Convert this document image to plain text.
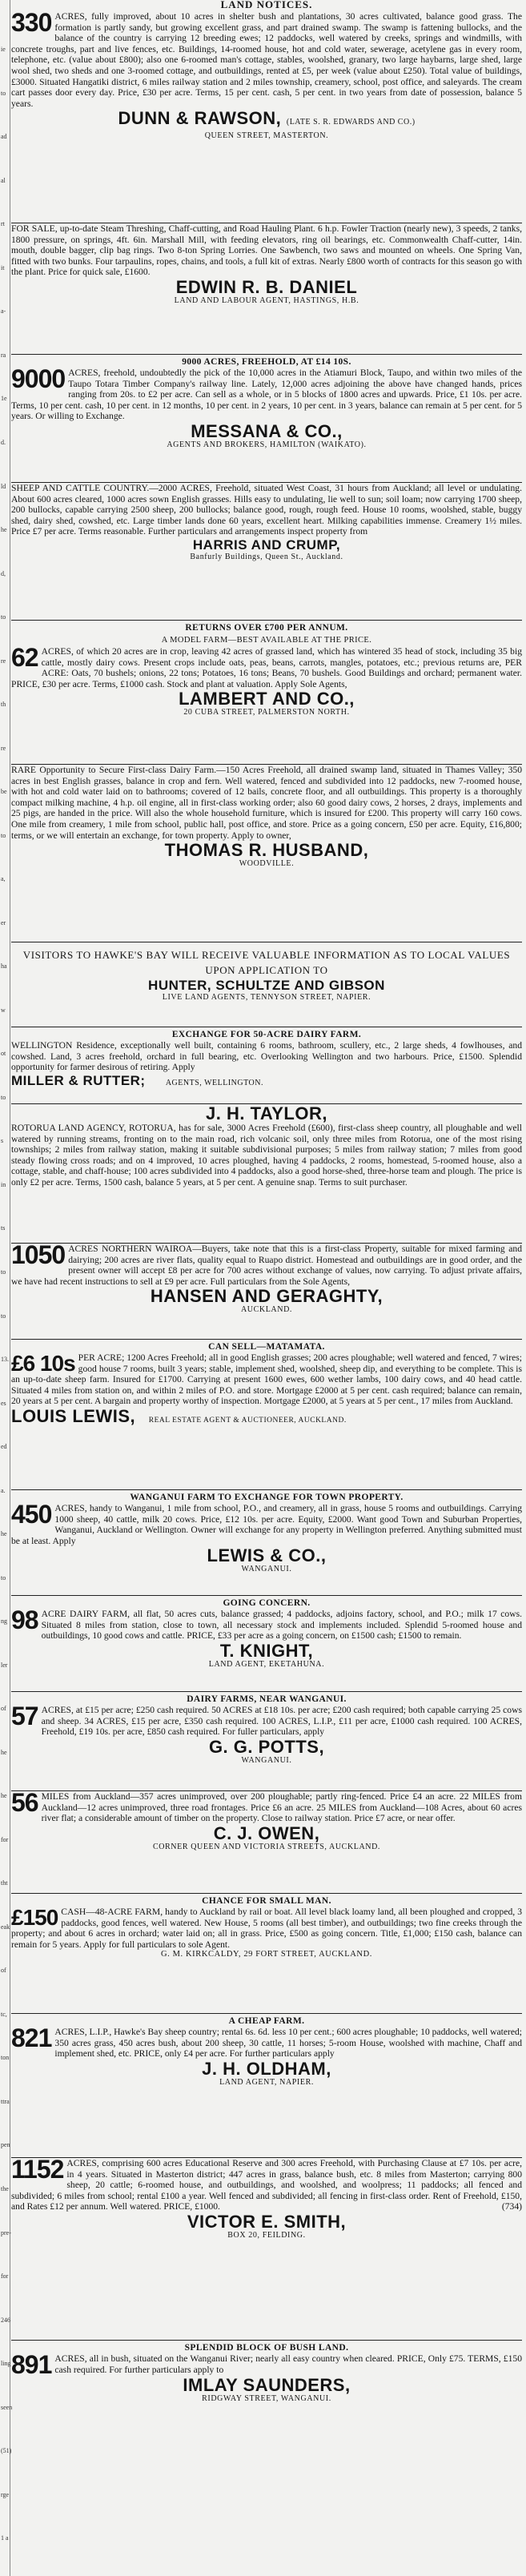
ie
to
ad
al
rt
it
a-
ra
1e
d.
ld
he
d,
to
re
th
re
be
to
a,
er
ha
w
ot
to
s
in
ts
to
to
13.
es
ed
a.
he
to
ng
ler
of
he
he
for
tht
eak
of
tc,
ton
ttra
pen
the
pre-
for
246
ling
seen
(51)
rge
1 a
LAND NOTICES.
330 ACRES, fully improved, about 10 acres in shelter bush and plantations, 30 acres cultivated, balance good grass. The formation is partly sandy, but growing excellent grass, and part drained swamp. The swamp is fattening bullocks, and the balance of the country is carrying 12 breeding ewes; 12 paddocks, well watered by creeks, springs and windmills, with concrete troughs, part and live fences, etc. Buildings, 14-roomed house, hot and cold water, sewerage, acetylene gas in every room, telephone, etc. (value about £800); also one 6-roomed man's cottage, stables, woolshed, granary, two large haybarns, large shed, large wool shed, two sheds and one 3-roomed cottage, and outbuildings, rented at £5, per week (value about £250). Total value of buildings, £3000. Situated Hangatiki district, 6 miles railway station and 2 miles township, creamery, school, post office, and saleyards. The cream cart passes door every day. Price, £30 per acre. Terms, 15 per cent. cash, 5 per cent. in two years from date of possession, balance 5 years.

DUNN & RAWSON, (LATE S. R. EDWARDS AND CO.)
QUEEN STREET, MASTERTON.

FOR SALE, up-to-date Steam Threshing, Chaff-cutting, and Road Hauling Plant. 6 h.p. Fowler Traction (nearly new), 3 speeds, 2 tanks, 1800 pressure, on springs, 4ft. 6in. Marshall Mill, with feeding elevators, ring oil bearings, etc. Commonwealth Chaff-cutter, 14in. mouth, double bagger, clip bag rings. Two 8-ton Spring Lorries. One Sawbench, two saws and mounted on wheels. One Spring Van, fitted with two bunks. Four tarpaulins, ropes, chains, and tools, a full kit of extras. Nearly £800 worth of contracts for this season go with the plant. Price for quick sale, £1600.

EDWIN R. B. DANIEL
LAND AND LABOUR AGENT, HASTINGS, H.B.
9000 ACRES, FREEHOLD, AT £14 10S.
9000 ACRES, freehold, undoubtedly the pick of the 10,000 acres in the Atiamuri Block, Taupo, and within two miles of the Taupo Totara Timber Company's railway line. Lately, 12,000 acres adjoining the above have changed hands, prices ranging from 20s. to £2 per acre. Can sell as a whole, or in 5 blocks of 1800 acres and upwards. Price, £1 10s. per acre. Terms, 10 per cent. cash, 10 per cent. in 12 months, 10 per cent. in 2 years, 10 per cent. in 3 years, balance can remain at 5 per cent. for 5 years. Or willing to Exchange.

MESSANA & CO.,
AGENTS AND BROKERS, HAMILTON (WAIKATO).

SHEEP AND CATTLE COUNTRY.—2000 ACRES, Freehold, situated West Coast, 31 hours from Auckland; all level or undulating. About 600 acres cleared, 1000 acres sown English grasses. Hills easy to undulating, lie well to sun; soil loam; now carrying 1700 sheep, 200 bullocks, capable carrying 2500 sheep, 200 bullocks; balance good, rough, rough feed. House 10 rooms, woolshed, stable, buggy shed, dairy shed, cowshed, etc. Large timber lands done 60 years, excellent heart. Milking capabilities immense. Creamery 1½ miles. Price £7 per acre. Terms reasonable. Further particulars and arrangements inspect property from

HARRIS AND CRUMP,
Banfurly Buildings, Queen St., Auckland.
RETURNS OVER £700 PER ANNUM.
A MODEL FARM—BEST AVAILABLE AT THE PRICE.
62 ACRES, of which 20 acres are in crop, leaving 42 acres of grassed land, which has wintered 35 head of stock, including 35 big cattle, mostly dairy cows. Present crops include oats, peas, beans, carrots, mangles, potatoes, etc.; previous returns are, PER ACRE: Oats, 70 bushels; onions, 22 tons; Potatoes, 16 tons; Beans, 70 bushels. Good Buildings and orchard; permanent water. PRICE, £30 per acre. Terms, £1000 cash. Stock and plant at valuation. Apply Sole Agents,

LAMBERT AND CO.,
20 CUBA STREET, PALMERSTON NORTH.

RARE Opportunity to Secure First-class Dairy Farm.—150 Acres Freehold, all drained swamp land, situated in Thames Valley; 350 acres in best English grasses, balance in crop and fern. Well watered, fenced and subdivided into 12 paddocks, new 7-roomed house, with hot and cold water laid on to bathrooms; covered of 12 bails, concrete floor, and all outbuildings. This property is a thoroughly compact milking machine, 4 h.p. oil engine, all in first-class working order; also 60 good dairy cows, 2 horses, 2 drays, implements and 25 pigs, are handed in the price. Will also the whole household furniture, which is insured for £200. This property will carry 160 cows. One mile from creamery, 1 mile from school, public hall, post office, and store. Price as a going concern, £50 per acre. Equity, £16,800; terms, or we will entertain an exchange, for town property. Apply to owner,

THOMAS R. HUSBAND,
WOODVILLE.

VISITORS TO HAWKE'S BAY WILL RECEIVE VALUABLE INFORMATION AS TO LOCAL VALUES UPON APPLICATION TO

HUNTER, SCHULTZE AND GIBSON
LIVE LAND AGENTS, TENNYSON STREET, NAPIER.
EXCHANGE FOR 50-ACRE DAIRY FARM.

WELLINGTON Residence, exceptionally well built, containing 6 rooms, bathroom, scullery, etc., 2 large sheds, 4 fowlhouses, and cowshed. Land, 3 acres freehold, orchard in full bearing, etc. Overlooking Wellington and two harbours. Price, £1500. Splendid opportunity for farmer desirous of retiring. Apply

MILLER & RUTTER;	AGENTS, WELLINGTON.
J. H. TAYLOR,

ROTORUA LAND AGENCY, ROTORUA, has for sale, 3000 Acres Freehold (£600), first-class sheep country, all ploughable and well watered by running streams, fronting on to the main road, rich volcanic soil, only three miles from Rotorua, one of the most rising townships; 2 miles from railway station, making it suitable subdivisional purposes; 5 miles from railway station; 7 miles from good steady flowing cross roads; and on 4 improved, 10 acres ploughed, having 4 paddocks, 2 rooms, homestead, 5-roomed house, also a cottage, stable, and chaff-house; 100 acres subdivided into 4 paddocks, also a good horse-shed, three-horse team and plough. The price is only £2 per acre. Terms, 1500 cash, balance 5 years, at 5 per cent. A genuine snap. Terms to suit purchaser.

1050 ACRES NORTHERN WAIROA—Buyers, take note that this is a first-class Property, suitable for mixed farming and dairying; 200 acres are river flats, quality equal to Ruapo district. Homestead and outbuildings are in good order, and the present owner will accept £8 per acre for 700 acres without exchange of values, now carrying. To adjust private affairs, we have had recent instructions to sell at £9 per acre. Full particulars from the Sole Agents,

HANSEN AND GERAGHTY,
AUCKLAND.
CAN SELL—MATAMATA.
£6 10s PER ACRE; 1200 Acres Freehold; all in good English grasses; 200 acres ploughable; well watered and fenced, 7 wires; good house 7 rooms, built 3 years; stable, implement shed, woolshed, sheep dip, and everything to be complete. This is an up-to-date sheep farm. Insured for £1700. Carrying at present 1600 ewes, 600 wether lambs, 100 dairy cows, and 40 head cattle. Situated 4 miles from station on, and within 2 miles of P.O. and store. Mortgage £2000 at 5 per cent. cash required; balance can remain, 20 years at 5 per cent. A bargain and property worthy of inspection. Mortgage £2000, at 5 years at 5 per cent., 17 miles from Auckland.

LOUIS LEWIS, REAL ESTATE AGENT & AUCTIONEER, AUCKLAND.
WANGANUI FARM TO EXCHANGE FOR TOWN PROPERTY.
450 ACRES, handy to Wanganui, 1 mile from school, P.O., and creamery, all in grass, house 5 rooms and outbuildings. Carrying 1000 sheep, 40 cattle, milk 20 cows. Price, £12 10s. per acre. Equity, £2000. Want good Town and Suburban Properties, Wanganui, Auckland or Wellington. Owner will exchange for any property in Wellington preferred. Anything submitted must be at least. Apply

LEWIS & CO.,
WANGANUI.
GOING CONCERN.
98 ACRE DAIRY FARM, all flat, 50 acres cuts, balance grassed; 4 paddocks, adjoins factory, school, and P.O.; milk 17 cows. Situated 8 miles from station, close to town, all necessary stock and implements included. Splendid 5-roomed house and outbuildings, 10 good cows and cattle. PRICE, £33 per acre as a going concern, on £1500 cash; £1500 to remain.

T. KNIGHT,
LAND AGENT, EKETAHUNA.
DAIRY FARMS, NEAR WANGANUI.
57 ACRES, at £15 per acre; £250 cash required. 50 ACRES at £18 10s. per acre; £200 cash required; both capable carrying 25 cows and sheep. 34 ACRES, £15 per acre, £350 cash required. 100 ACRES, L.I.P., £11 per acre, £1000 cash required. 100 ACRES, Freehold, £19 10s. per acre, £850 cash required. For fuller particulars, apply

G. G. POTTS,
WANGANUI.
56 MILES from Auckland—357 acres unimproved, over 200 ploughable; partly ring-fenced. Price £4 an acre. 22 MILES from Auckland—12 acres unimproved, three road frontages. Price £6 an acre. 25 MILES from Auckland—108 Acres, about 60 acres river flat; a considerable amount of timber on the property. Close to railway station. Price £7 acre, or near offer.

C. J. OWEN,
CORNER QUEEN AND VICTORIA STREETS, AUCKLAND.
CHANCE FOR SMALL MAN.
£150 CASH—48-ACRE FARM, handy to Auckland by rail or boat. All level black loamy land, all been ploughed and cropped, 3 paddocks, good fences, well watered. New House, 5 rooms (all best timber), and outbuildings; two fine creeks through the property; and about 6 acres in orchard; water laid on; all in grass. Price, £500 as going concern. Title, £1,000; £150 cash, balance can remain for 5 years. Apply for full particulars to sole Agent.

G. M. KIRKCALDY, 29 FORT STREET, AUCKLAND.
A CHEAP FARM.
821 ACRES, L.I.P., Hawke's Bay sheep country; rental 6s. 6d. less 10 per cent.; 600 acres ploughable; 10 paddocks, well watered; 350 acres grass, 450 acres bush, about 200 sheep, 30 cattle, 11 horses; 5-room House, woolshed with machine, Chaff and implement shed, etc. PRICE, only £4 per acre. For further particulars apply

J. H. OLDHAM,
LAND AGENT, NAPIER.
1152 ACRES, comprising 600 acres Educational Reserve and 300 acres Freehold, with Purchasing Clause at £7 10s. per acre, in 4 years. Situated in Masterton district; 447 acres in grass, balance bush, etc. 8 miles from Masterton; carrying 800 sheep, 20 cattle; 6-roomed house, and outbuildings, and woolshed, and woolpress; 11 paddocks; all fenced and subdivided; 6 miles from school; rental £100 a year. Well fenced and subdivided; all fencing in first-class order. Rent of Freehold, £150, and Rates £12 per annum. Well watered. PRICE, £1000.	(734)

VICTOR E. SMITH,
BOX 20, FEILDING.
SPLENDID BLOCK OF BUSH LAND.
891 ACRES, all in bush, situated on the Wanganui River; nearly all easy country when cleared. PRICE, Only £75. TERMS, £150 cash required. For further particulars apply to

IMLAY SAUNDERS,
RIDGWAY STREET, WANGANUI.
